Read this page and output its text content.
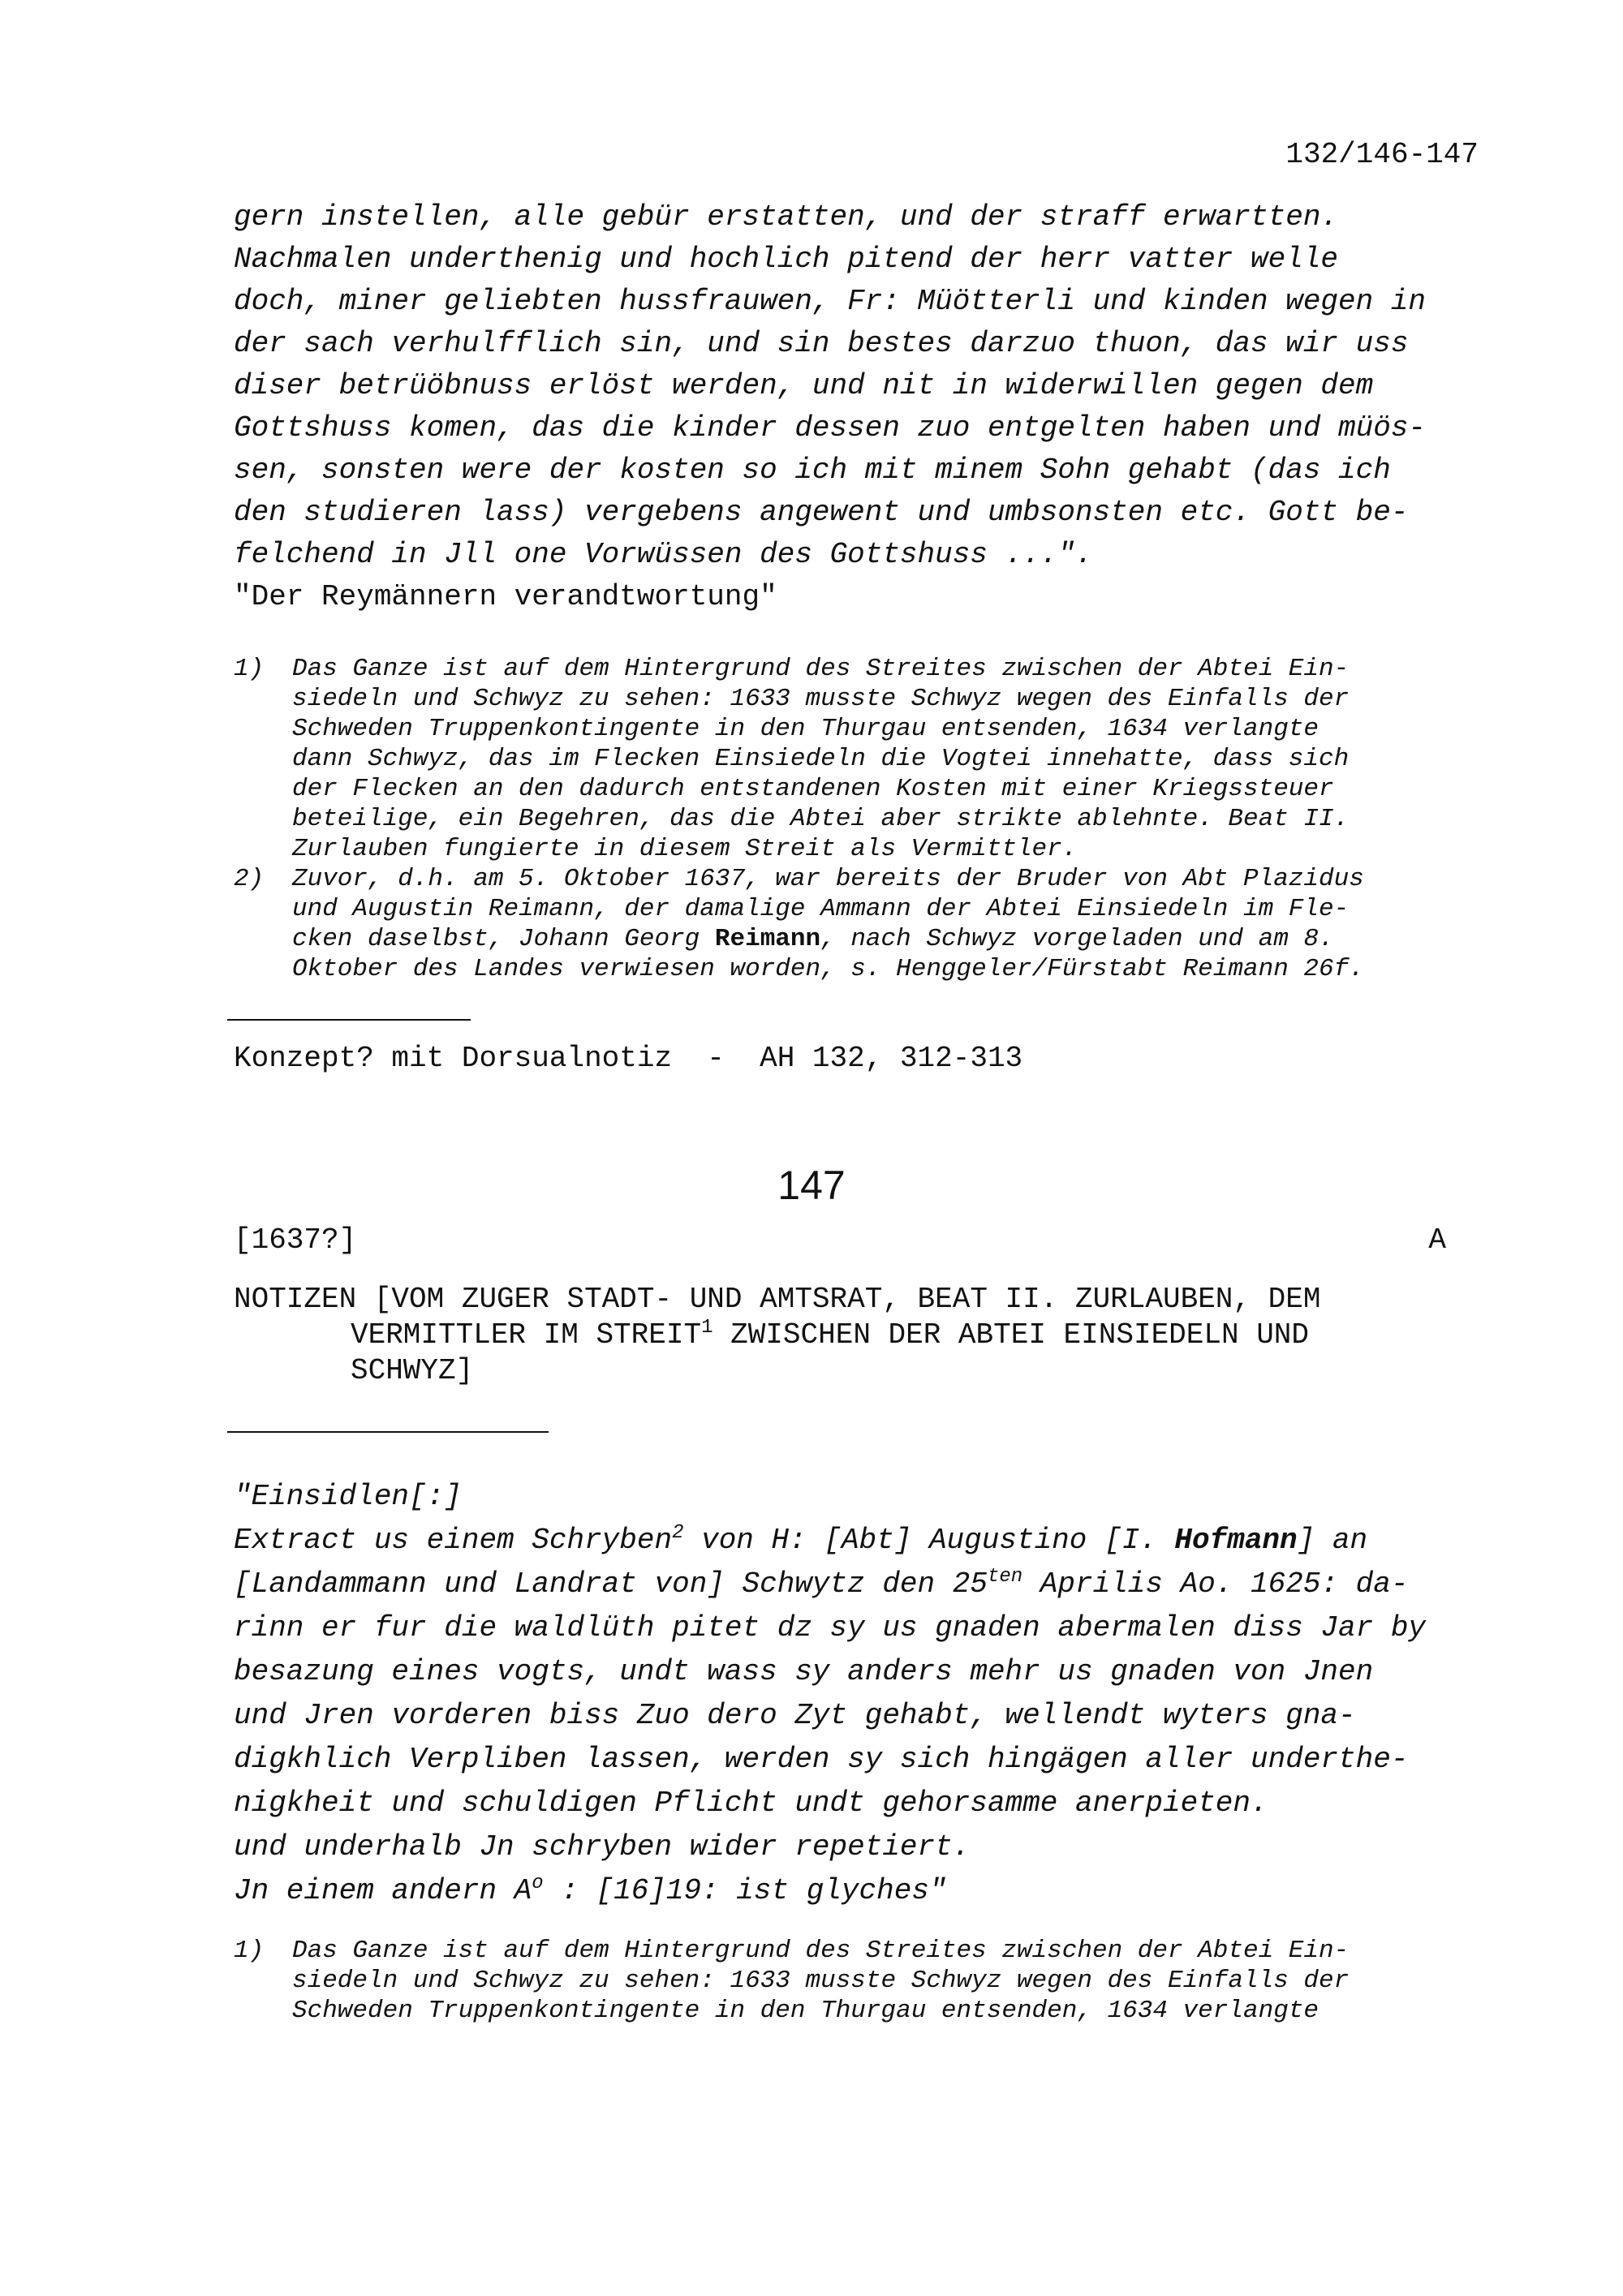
132/146-147
gern instellen, alle gebür erstatten, und der straff erwartten.
Nachmalen underthenig und hochlich pitend der herr vatter welle
doch, miner geliebten hussfrauwen, Fr: Müötterli und kinden wegen in
der sach verhulfflich sin, und sin bestes darzuo thuon, das wir uss
diser betrüöbnuss erlöst werden, und nit in widerwillen gegen dem
Gottshuss komen, das die kinder dessen zuo entgelten haben und müös-
sen, sonsten were der kosten so ich mit minem Sohn gehabt (das ich
den studieren lass) vergebens angewent und umbsonsten etc. Gott be-
felchend in Jll one Vorwüssen des Gottshuss ...".
"Der Reymännern verandtwortung"
1) Das Ganze ist auf dem Hintergrund des Streites zwischen der Abtei Ein-
siedeln und Schwyz zu sehen: 1633 musste Schwyz wegen des Einfalls der
Schweden Truppenkontingente in den Thurgau entsenden, 1634 verlangte
dann Schwyz, das im Flecken Einsiedeln die Vogtei innehatte, dass sich
der Flecken an den dadurch entstandenen Kosten mit einer Kriegssteuer
beteilige, ein Begehren, das die Abtei aber strikte ablehnte. Beat II.
Zurlauben fungierte in diesem Streit als Vermittler.
2) Zuvor, d.h. am 5. Oktober 1637, war bereits der Bruder von Abt Plazidus
und Augustin Reimann, der damalige Ammann der Abtei Einsiedeln im Fle-
cken daselbst, Johann Georg Reimann, nach Schwyz vorgeladen und am 8.
Oktober des Landes verwiesen worden, s. Henggeler/Fürstabt Reimann 26f.
Konzept? mit Dorsualnotiz  -  AH 132, 312-313
147
[1637?]	A
NOTIZEN [VOM ZUGER STADT- UND AMTSRAT, BEAT II. ZURLAUBEN, DEM
VERMITTLER IM STREIT$^1$ ZWISCHEN DER ABTEI EINSIEDELN UND
SCHWYZ]
"Einsidlen[:]
Extract us einem Schryben$^2$ von H: [Abt] Augustino [I. Hofmann] an
[Landammann und Landrat von] Schwytz den $25^{ten}$ Aprilis Ao. 1625: da-
rinn er fur die waldlüth pitet dz sy us gnaden abermalen diss Jar by
besazung eines vogts, undt wass sy anders mehr us gnaden von Jnen
und Jren vorderen biss Zuo dero Zyt gehabt, wellendt wyters gna-
digkhlich Verpliben lassen, werden sy sich hingägen aller underthe-
nigkheit und schuldigen Pflicht undt gehorsamme anerpieten.
und underhalb Jn schryben wider repetiert.
Jn einem andern $A^o$ : [16]19: ist glyches"
1) Das Ganze ist auf dem Hintergrund des Streites zwischen der Abtei Ein-
siedeln und Schwyz zu sehen: 1633 musste Schwyz wegen des Einfalls der
Schweden Truppenkontingente in den Thurgau entsenden, 1634 verlangte
